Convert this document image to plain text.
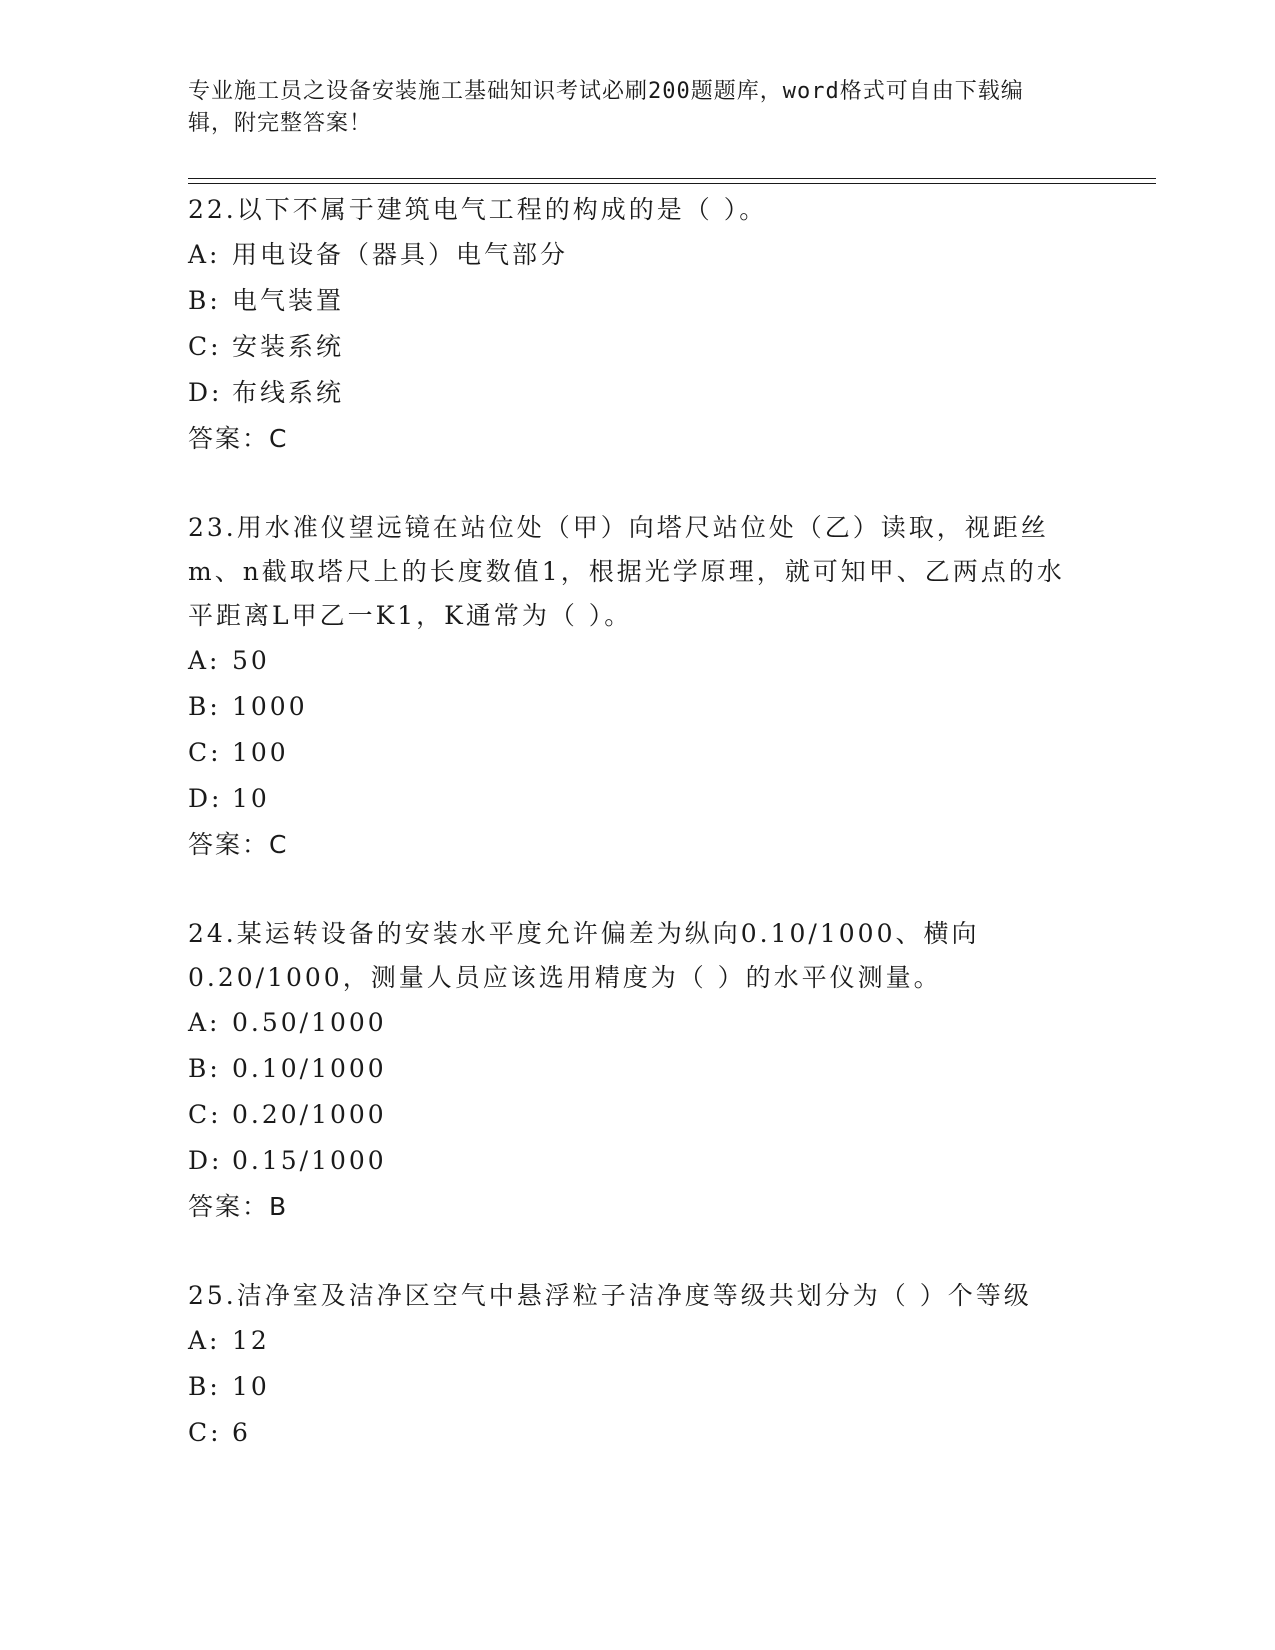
专业施工员之设备安装施工基础知识考试必刷200题题库，word格式可自由下载编辑，附完整答案！
22.以下不属于建筑电气工程的构成的是（ ）。
A: 用电设备（器具）电气部分
B: 电气装置
C: 安装系统
D: 布线系统
答案：C
23.用水准仪望远镜在站位处（甲）向塔尺站位处（乙）读取，视距丝m、n截取塔尺上的长度数值1，根据光学原理，就可知甲、乙两点的水平距离L甲乙一K1，K通常为（ ）。
A: 50
B: 1000
C: 100
D: 10
答案：C
24.某运转设备的安装水平度允许偏差为纵向0.10/1000、横向0.20/1000，测量人员应该选用精度为（ ）的水平仪测量。
A: 0.50/1000
B: 0.10/1000
C: 0.20/1000
D: 0.15/1000
答案：B
25.洁净室及洁净区空气中悬浮粒子洁净度等级共划分为（ ）个等级
A: 12
B: 10
C: 6
